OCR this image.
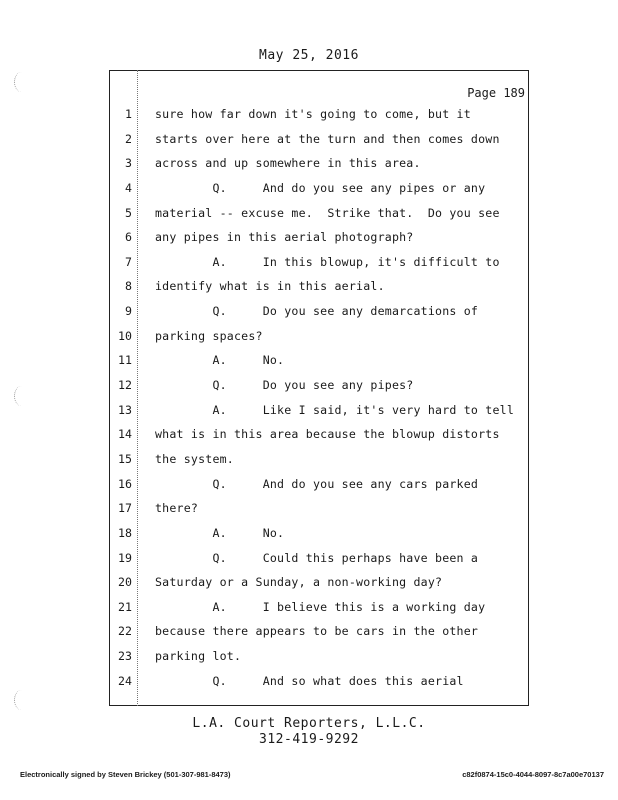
May 25, 2016
Page 189
1 sure how far down it's going to come, but it
2 starts over here at the turn and then comes down
3 across and up somewhere in this area.
4 Q.     And do you see any pipes or any
5 material -- excuse me.  Strike that.  Do you see
6 any pipes in this aerial photograph?
7 A.     In this blowup, it's difficult to
8 identify what is in this aerial.
9 Q.     Do you see any demarcations of
10 parking spaces?
11 A.     No.
12 Q.     Do you see any pipes?
13 A.     Like I said, it's very hard to tell
14 what is in this area because the blowup distorts
15 the system.
16 Q.     And do you see any cars parked
17 there?
18 A.     No.
19 Q.     Could this perhaps have been a
20 Saturday or a Sunday, a non-working day?
21 A.     I believe this is a working day
22 because there appears to be cars in the other
23 parking lot.
24 Q.     And so what does this aerial
L.A. Court Reporters, L.L.C.
312-419-9292
Electronically signed by Steven Brickey (501-307-981-8473)	c82f0874-15c0-4044-8097-8c7a00e70137
